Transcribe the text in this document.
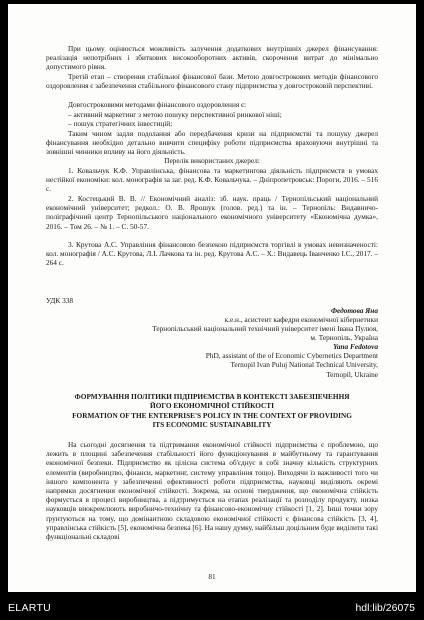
При цьому оцінюється можливість залучення додаткових внутрішніх джерел фінансування: реалізація непотрібних і збиткових високооборотних активів, скорочення витрат до мінімально допустимого рівня.
Третій етап – створення стабільної фінансової бази. Метою довгострокових методів фінансового оздоровлення є забезпечення стабільного фінансового стану підприємства у довгостроковій перспективі.
Довгостроковими методами фінансового оздоровлення є:
– активний маркетинг з метою пошуку перспективної ринкової ніші;
– пошук стратегічних інвестицій;
Таким чином задля подолання або передбачення кризи на підприємстві та пошуку джерел фінансування необхідно детально вивчити специфіку роботи підприємства враховуючи внутрішні та зовнішні чинники впливу на його діяльність.
Перелік використаних джерел:
1. Ковальчук К.Ф. Управлінська, фінансова та маркетингова діяльність підприємств в умовах нестійкої економіки: кол. монографія за заг. ред. К.Ф. Ковальчука. – Дніпропетровськ: Пороги, 2016. – 516 с.
2. Костецький В. В. // Економічний аналіз: зб. наук. праць / Тернопільський національний економічний університет; редкол.: О. В. Ярошук (голов. ред.) та ін. – Тернопіль: Видавничо-поліграфічний центр Тернопільського національного економічного університету «Економічна думка», 2016. – Том 26. – № 1. – С. 50-57.
3. Крутова А.С. Управління фінансовою безпекою підприємств торгівлі в умовах невизначеності: кол. монографія / А.С. Крутова, Л.І. Лачкова та ін. ред. Крутова А.С. – Х.: Видавець Іванченко І.С., 2017. – 264 с.
УДК 338
Федотова Яна
к.е.н., асистент кафедри економічної кібернетики
Тернопільський національний технічний університет імені Івана Пулюя,
м. Тернопіль, Україна
Yana Fedotova
PhD, assistant of the of Economic Cybernetics Department
Ternopil Ivan Puluj National Technical University,
Ternopil, Ukraine
ФОРМУВАННЯ ПОЛІТИКИ ПІДПРИЄМСТВА В КОНТЕКСТІ ЗАБЕЗПЕЧЕННЯ
ЙОГО ЕКОНОМІЧНОЇ СТІЙКОСТІ
FORMATION OF THE ENTERPRISE'S POLICY IN THE CONTEXT OF PROVIDING
ITS ECONOMIC SUSTAINABILITY
На сьогодні досягнення та підтримання економічної стійкості підприємства є проблемою, що лежить в площині забезпечення стабільності його функціонування в майбутньому та гарантування економічної безпеки. Підприємство як цілісна система об'єднує в собі значну кількість структурних елементів (виробництво, фінанси, маркетинг, систему управління тощо). Виходячи із важливості того чи іншого компонента у забезпеченні ефективності роботи підприємства, науковці виділяють окремі напрямки досягнення економічної стійкості. Зокрема, на основі твердження, що економічна стійкість формується в процесі виробництва, а підтримується на етапах реалізації та розподілу продукту, низка науковців виокремлюють виробничо-технічну та фінансово-економічну стійкості [1, 2]. Інші точки зору ґрунтуються на тому, що домінантною складовою економічної стійкості є фінансова стійкість [3, 4], управлінська стійкість [5], економічна безпека [6]. На нашу думку, найбільш доцільним буде виділити такі функціональні складові
81
ELARTU	hdl:lib/26075
